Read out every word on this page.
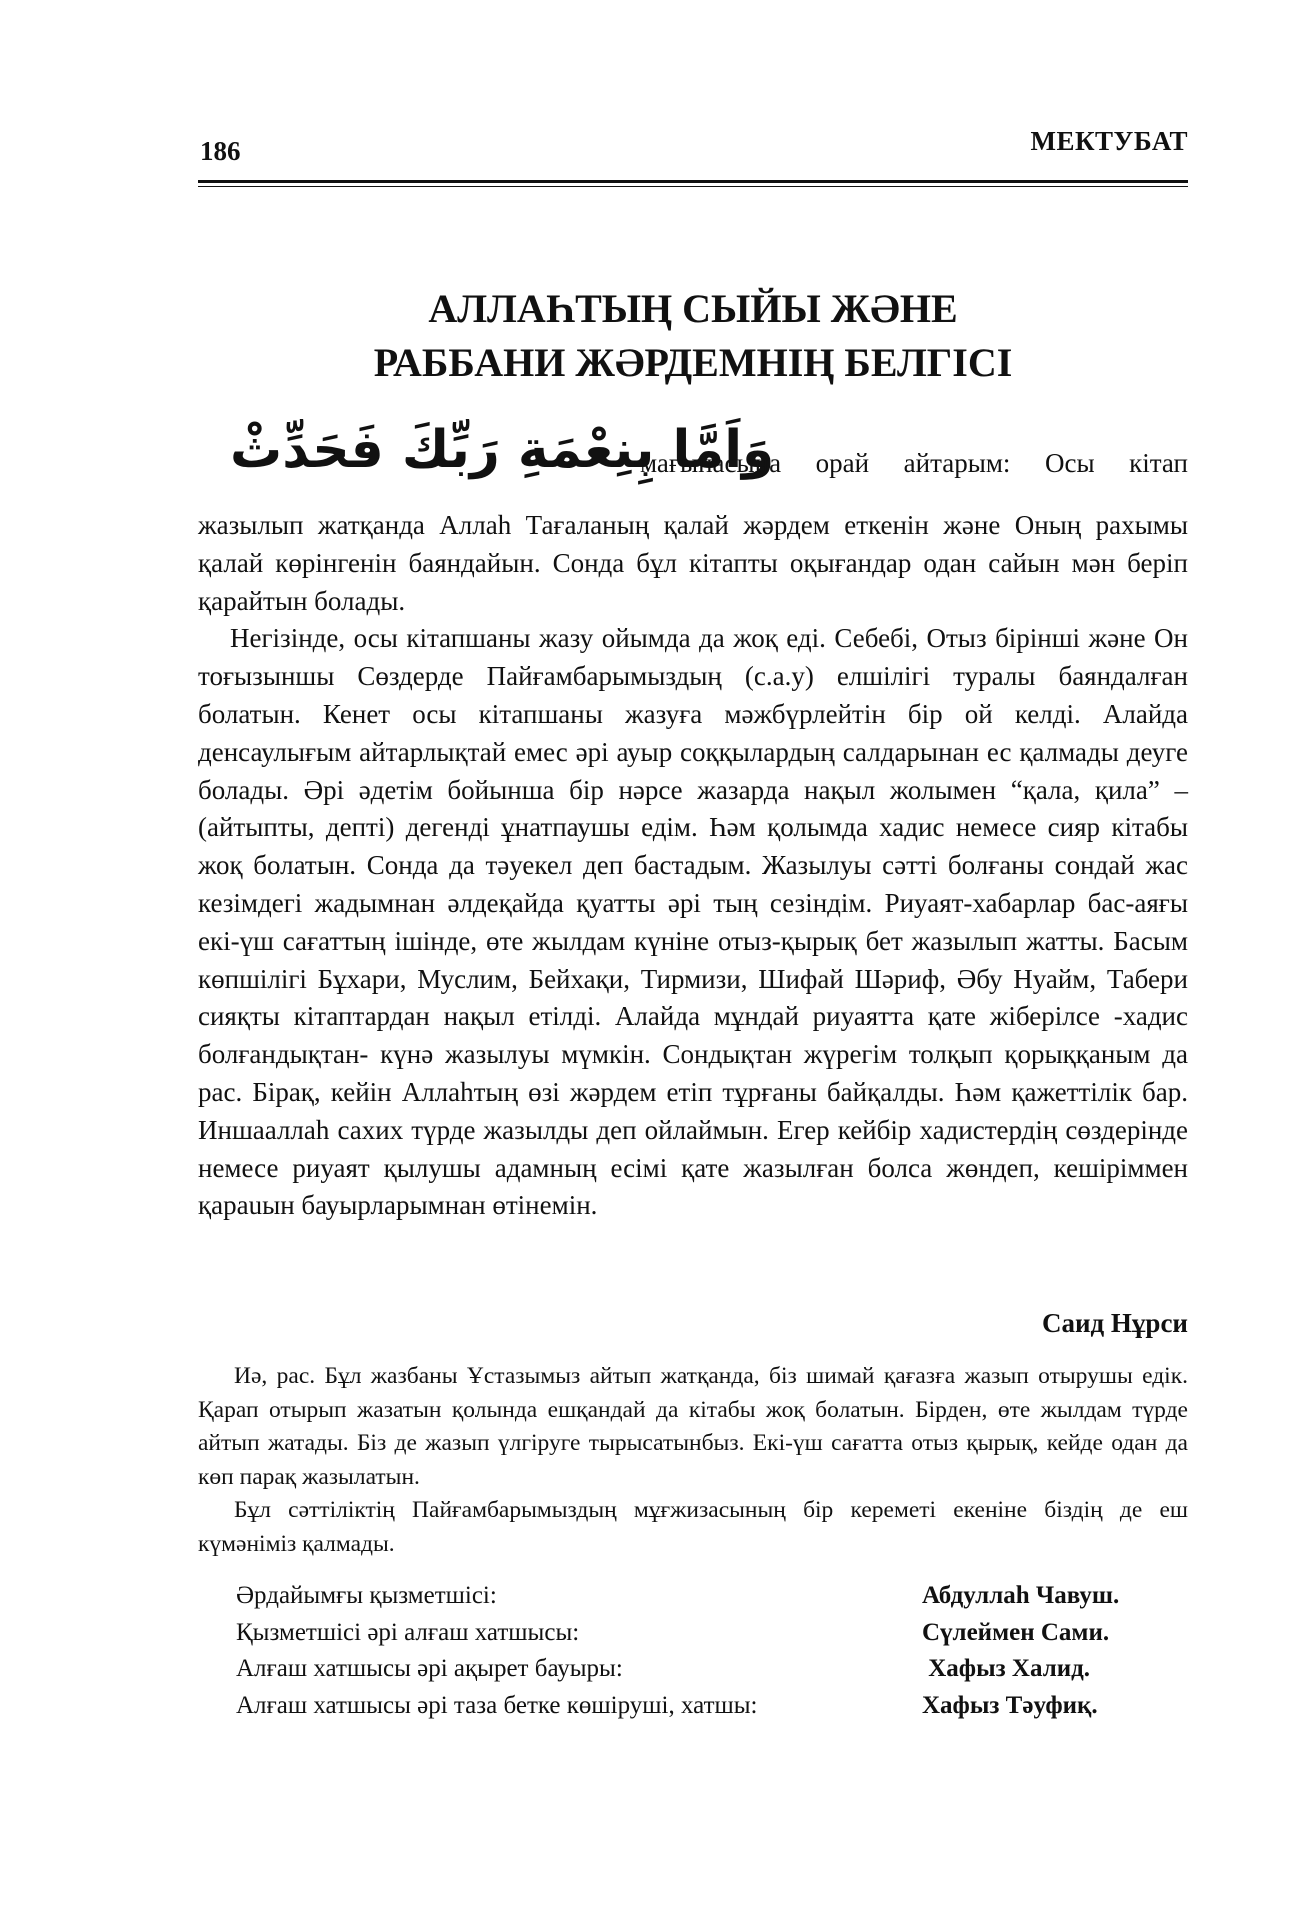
186	МЕКТУБАТ
АЛЛАҺТЫҢ СЫЙЫ ЖӘНЕ
РАББАНИ ЖӘРДЕМНІҢ БЕЛГІСІ
وَاَمَّا بِنِعْمَةِ رَبِّكَ فَحَدِّثْ
мағынасына орай айтарым: Осы кітап

жазылып жатқанда Аллаһ Тағаланың қалай жәрдем еткенін және Оның рахымы қалай көрінгенін баяндайын. Сонда бұл кітапты оқығандар одан сайын мән беріп қарайтын болады.

Негізінде, осы кітапшаны жазу ойымда да жоқ еді. Себебі, Отыз бірінші және Он тоғызыншы Сөздерде Пайғамбарымыздың (с.а.у) елшілігі туралы баяндалған болатын. Кенет осы кітапшаны жазуға мәжбүрлейтін бір ой келді. Алайда денсаулығым айтарлықтай емес әрі ауыр соққылардың салдарынан ес қалмады деуге болады. Әрі әдетім бойынша бір нәрсе жазарда нақыл жолымен “қала, қила” – (айтыпты, депті) дегенді ұнатпаушы едім. Һәм қолымда хадис немесе сияр кітабы жоқ болатын. Сонда да тәуекел деп бастадым. Жазылуы сәтті болғаны сондай жас кезімдегі жадымнан әлдеқайда қуатты әрі тың сезіндім. Риуаят-хабарлар бас-аяғы екі-үш сағаттың ішінде, өте жылдам күніне отыз-қырық бет жазылып жатты. Басым көпшілігі Бұхари, Муслим, Бейхақи, Тирмизи, Шифай Шәриф, Әбу Нуайм, Табери сияқты кітаптардан нақыл етілді. Алайда мұндай риуаятта қате жіберілсе -хадис болғандықтан- күнә жазылуы мүмкін. Сондықтан жүрегім толқып қорыққаным да рас. Бірақ, кейін Аллаһтың өзі жәрдем етіп тұрғаны байқалды. Һәм қажеттілік бар. Иншааллаһ сахих түрде жазылды деп ойлаймын. Егер кейбір хадистердің сөздерінде немесе риуаят қылушы адамның есімі қате жазылған болса жөндеп, кешіріммен қараuын бауырларымнан өтінемін.

Саид Нұрси

Иә, рас. Бұл жазбаны Ұстазымыз айтып жатқанда, біз шимай қағазға жазып отырушы едік. Қарап отырып жазатын қолында ешқандай да кітабы жоқ болатын. Бірден, өте жылдам түрде айтып жатады. Біз де жазып үлгіруге тырысатынбыз. Екі-үш сағатта отыз қырық, кейде одан да көп парақ жазылатын.

Бұл сәттіліктің Пайғамбарымыздың мұғжизасының бір кереметі екеніне біздің де еш күмәніміз қалмады.

Әрдайымғы қызметшісі:	Абдуллаһ Чавуш.
Қызметшісі әрі алғаш хатшысы:	Сүлеймен Сами.
Алғаш хатшысы әрі ақырет бауыры:	Хафыз Халид.
Алғаш хатшысы әрі таза бетке көшіруші, хатшы:	Хафыз Тәуфиқ.
